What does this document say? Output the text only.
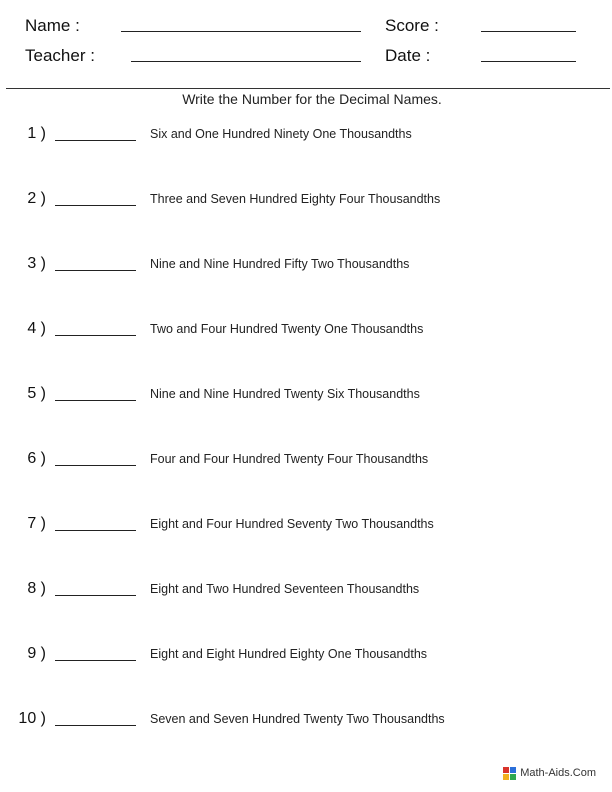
Name :	Score :
Teacher :	Date :
Write the Number for the Decimal Names.
1 )	Six and One Hundred Ninety One Thousandths
2 )	Three and Seven Hundred Eighty Four Thousandths
3 )	Nine and Nine Hundred Fifty Two Thousandths
4 )	Two and Four Hundred Twenty One Thousandths
5 )	Nine and Nine Hundred Twenty Six Thousandths
6 )	Four and Four Hundred Twenty Four Thousandths
7 )	Eight and Four Hundred Seventy Two Thousandths
8 )	Eight and Two Hundred Seventeen Thousandths
9 )	Eight and Eight Hundred Eighty One Thousandths
10 )	Seven and Seven Hundred Twenty Two Thousandths
Math-Aids.Com
